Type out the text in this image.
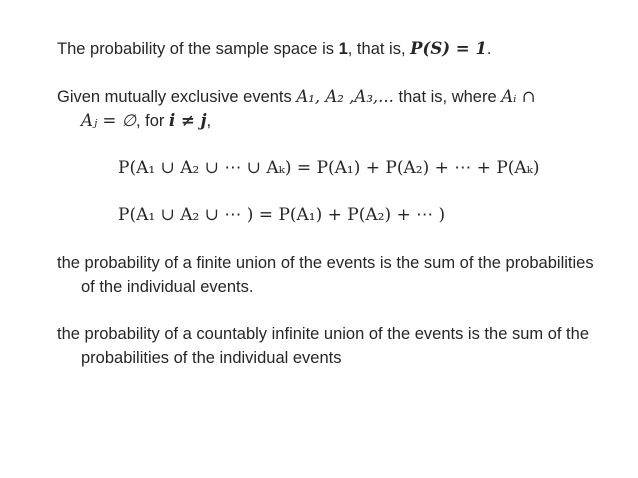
The probability of the sample space is 1, that is, P(S) = 1.
Given mutually exclusive events A₁, A₂ ,A₃,... that is, where Aᵢ ∩
Aⱼ = ∅, for i ≠ j,
P(A₁ ∪ A₂ ∪ ⋯ ∪ Aₖ) = P(A₁) + P(A₂) + ⋯ + P(Aₖ)
P(A₁ ∪ A₂ ∪ ⋯ ) = P(A₁) + P(A₂) + ⋯ )
the probability of a finite union of the events is the sum of the probabilities
of the individual events.
the probability of a countably infinite union of the events is the sum of the
probabilities of the individual events
